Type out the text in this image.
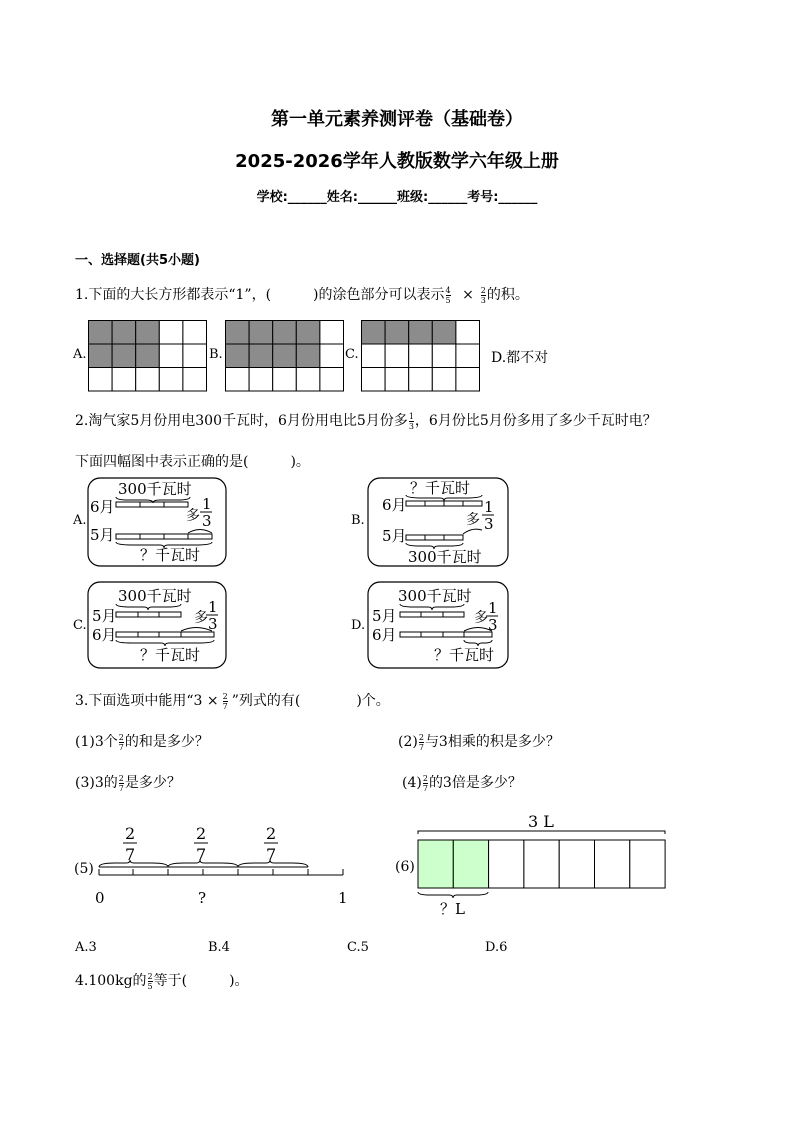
第一单元素养测评卷（基础卷）
2025-2026学年人教版数学六年级上册
学校:______姓名:______班级:______考号:______
一、选择题(共5小题)
1.下面的大长方形都表示“1”，(　　　)的涂色部分可以表示 $\frac{4}{5} \times \frac{2}{3}$ 的积。
A.	B.	C.	D.都不对
2.淘气家5月份用电300千瓦时，6月份用电比5月份多 $\frac{1}{3}$ ，6月份比5月份多用了多少千瓦时电？
下面四幅图中表示正确的是(　　　)。
A.	B.
C.	D.
300千瓦时
6月	多
1
3
5月
？千瓦时
？千瓦时
6月
多
1
3
5月
300千瓦时
300千瓦时
5月	多
1
3
6月
？千瓦时
300千瓦时
5月	多
1
3
6月
？千瓦时
3.下面选项中能用“$3 \times \frac{2}{7}$ ”列式的有(　　　　)个。
(1)3个 $\frac{2}{7}$ 的和是多少？	$(2) \frac{2}{7}$ 与3相乘的积是多少？
(3)3的 $\frac{2}{7}$ 是多少？	$(4) \frac{2}{7}$ 的3倍是多少？
(5)
2
7
2
7
2
7
0	?	1
3 L
(6)
？L
A.3	B.4	C.5	D.6
4.100kg的 $\frac{2}{5}$ 等于(　　　)。
